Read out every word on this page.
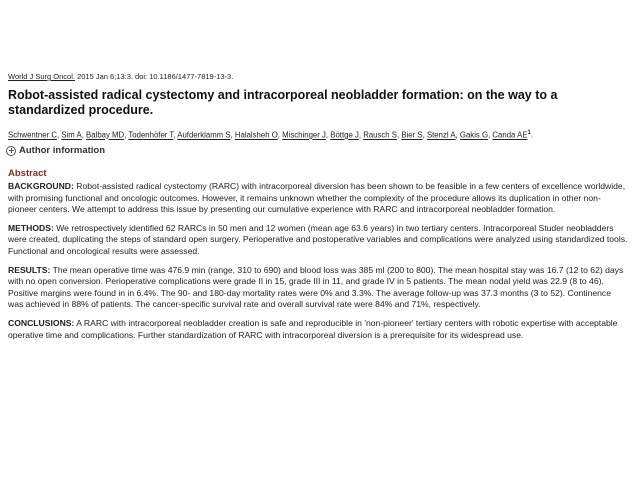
World J Surg Oncol. 2015 Jan 6;13:3. doi: 10.1186/1477-7819-13-3.
Robot-assisted radical cystectomy and intracorporeal neobladder formation: on the way to a standardized procedure.
Schwentner C, Sim A, Balbay MD, Todenhöfer T, Aufderklamm S, Halalsheh O, Mischinger J, Böttge J, Rausch S, Bier S, Stenzl A, Gakis G, Canda $AE^1$.
Author information
Abstract

BACKGROUND: Robot-assisted radical cystectomy (RARC) with intracorporeal diversion has been shown to be feasible in a few centers of excellence worldwide, with promising functional and oncologic outcomes. However, it remains unknown whether the complexity of the procedure allows its duplication in other non-pioneer centers. We attempt to address this issue by presenting our cumulative experience with RARC and intracorporeal neobladder formation.

METHODS: We retrospectively identified 62 RARCs in 50 men and 12 women (mean age 63.6 years) in two tertiary centers. Intracorporeal Studer neobladders were created, duplicating the steps of standard open surgery. Perioperative and postoperative variables and complications were analyzed using standardized tools. Functional and oncological results were assessed.

RESULTS: The mean operative time was 476.9 min (range, 310 to 690) and blood loss was 385 ml (200 to 800). The mean hospital stay was 16.7 (12 to 62) days with no open conversion. Perioperative complications were grade II in 15, grade III in 11, and grade IV in 5 patients. The mean nodal yield was 22.9 (8 to 46). Positive margins were found in in 6.4%. The 90- and 180-day mortality rates were 0% and 3.3%. The average follow-up was 37.3 months (3 to 52). Continence was achieved in 88% of patients. The cancer-specific survival rate and overall survival rate were 84% and 71%, respectively.

CONCLUSIONS: A RARC with intracorporeal neobladder creation is safe and reproducible in 'non-pioneer' tertiary centers with robotic expertise with acceptable operative time and complications. Further standardization of RARC with intracorporeal diversion is a prerequisite for its widespread use.
